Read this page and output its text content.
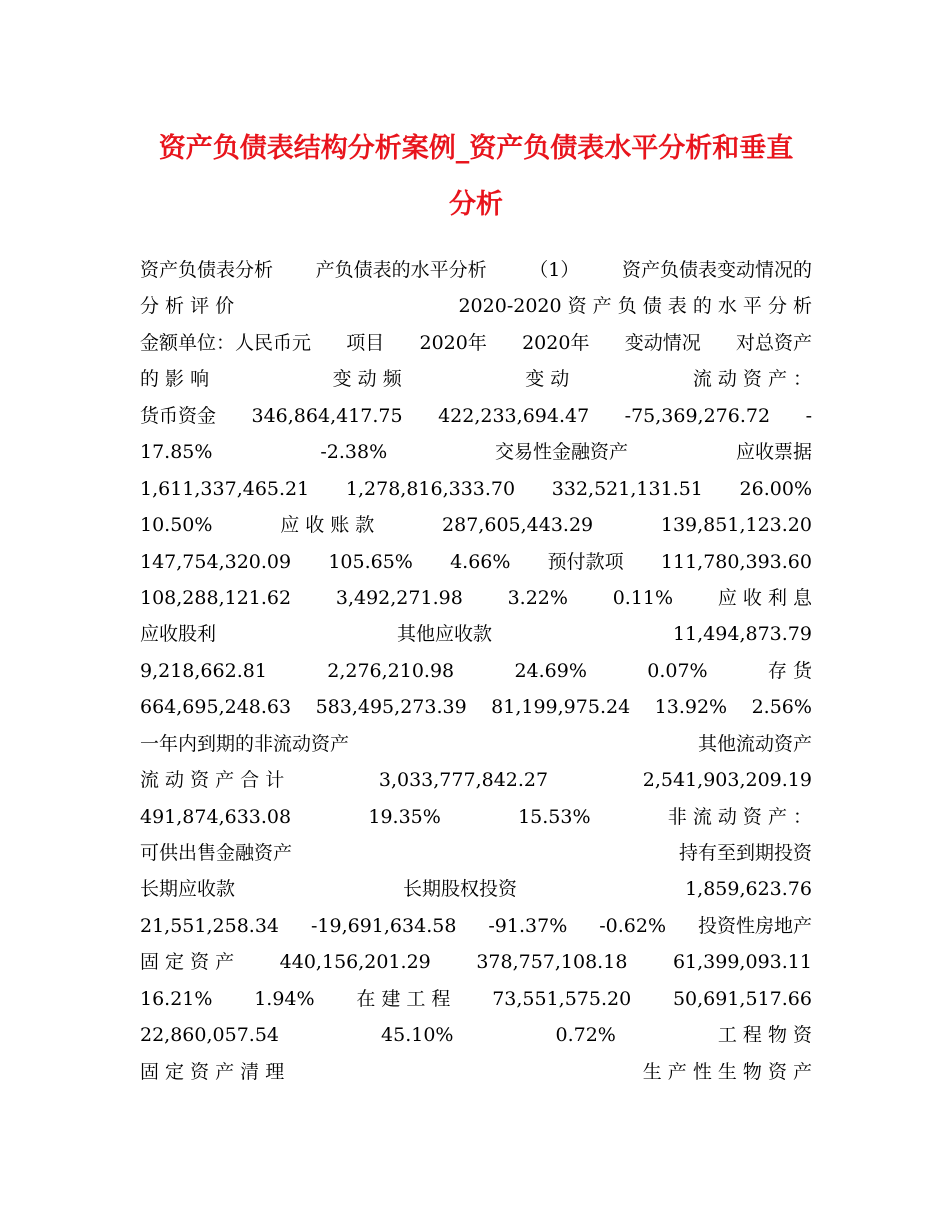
资产负债表结构分析案例_资产负债表水平分析和垂直
分析
资产负债表分析 产负债表的水平分析 （1） 资产负债表变动情况的
分 析 评 价	2020-2020 资 产 负 债 表 的 水 平 分 析
金额单位：人民币元 项目 2020年 2020年 变动情况 对总资产
的 影 响	变 动 频	变 动	流 动 资 产 ：
货币资金 346,864,417.75 422,233,694.47 -75,369,276.72 -
17.85%	-2.38%	交易性金融资产	应收票据
1,611,337,465.21 1,278,816,333.70 332,521,131.51 26.00%
10.50%	应 收 账 款	287,605,443.29	139,851,123.20
147,754,320.09 105.65% 4.66% 预付款项 111,780,393.60
108,288,121.62 3,492,271.98 3.22% 0.11% 应 收 利 息
应收股利	其他应收款	11,494,873.79
9,218,662.81	2,276,210.98	24.69%	0.07%	存 货
664,695,248.63 583,495,273.39 81,199,975.24 13.92% 2.56%
一年内到期的非流动资产	其他流动资产
流 动 资 产 合 计	3,033,777,842.27	2,541,903,209.19
491,874,633.08	19.35%	15.53%	非 流 动 资 产 ：
可供出售金融资产	持有至到期投资
长期应收款	长期股权投资	1,859,623.76
21,551,258.34 -19,691,634.58 -91.37% -0.62% 投资性房地产
固 定 资 产 440,156,201.29 378,757,108.18 61,399,093.11
16.21% 1.94% 在 建 工 程 73,551,575.20 50,691,517.66
22,860,057.54	45.10%	0.72%	工 程 物 资
固 定 资 产 清 理	生 产 性 生 物 资 产
